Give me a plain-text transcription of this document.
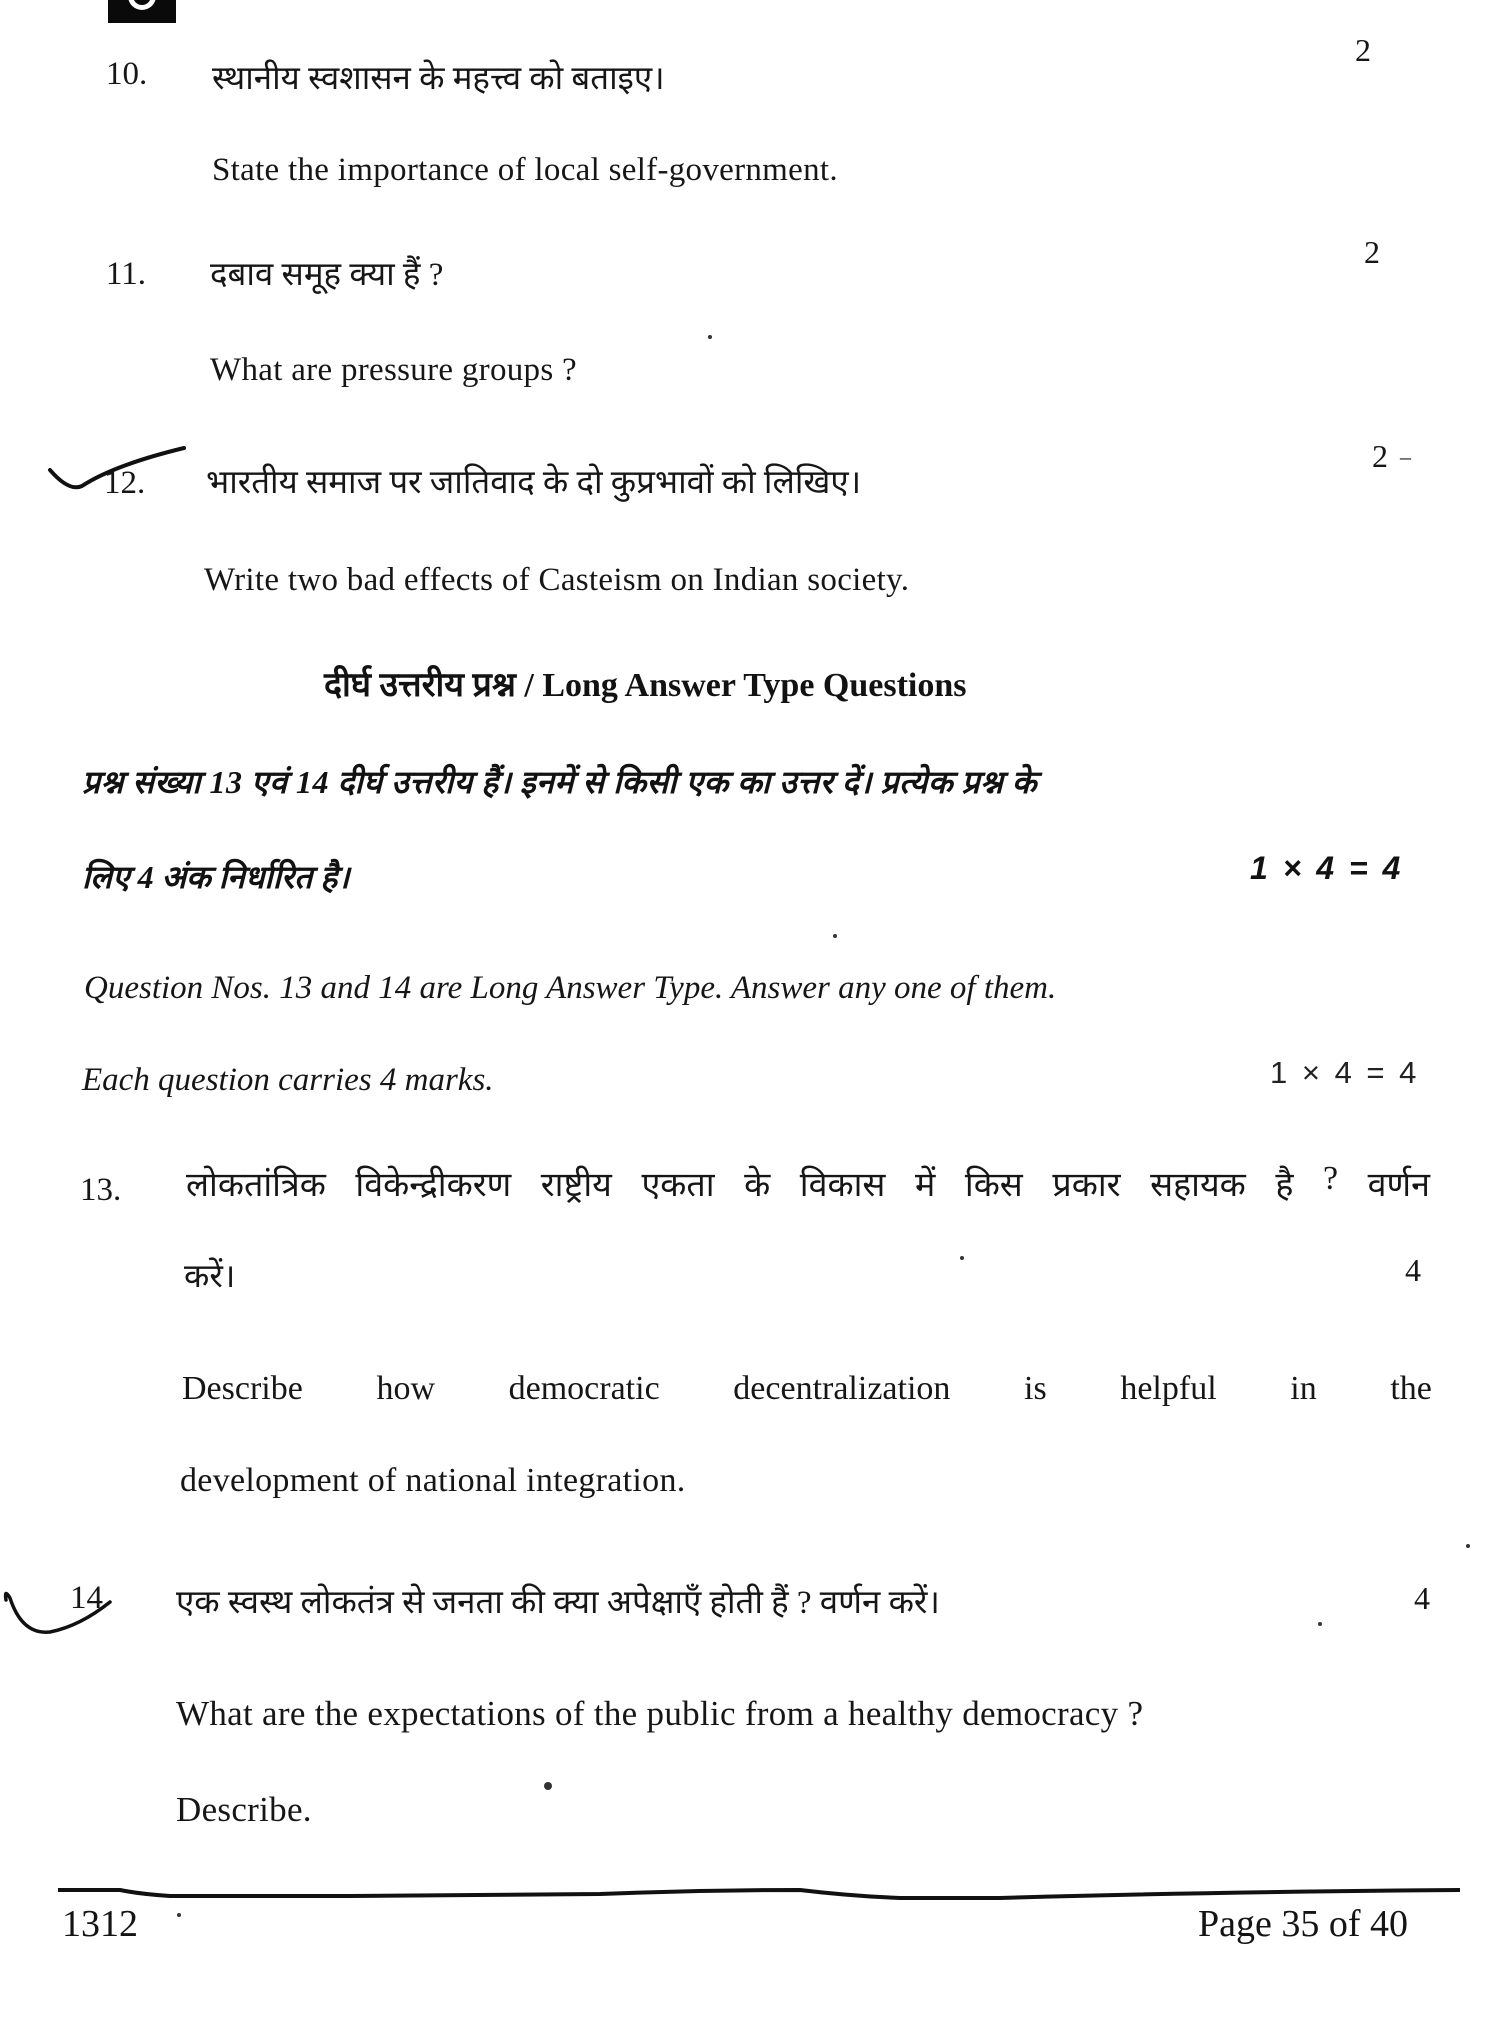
10. स्थानीय स्वशासन के महत्त्व को बताइए।
2
State the importance of local self-government.
11. दबाव समूह क्या हैं ?
2
What are pressure groups ?
12. भारतीय समाज पर जातिवाद के दो कुप्रभावों को लिखिए।
2 –
Write two bad effects of Casteism on Indian society.
दीर्घ उत्तरीय प्रश्न / Long Answer Type Questions
प्रश्न संख्या 13 एवं 14 दीर्घ उत्तरीय हैं। इनमें से किसी एक का उत्तर दें। प्रत्येक प्रश्न के
लिए 4 अंक निर्धारित है।	1 × 4 = 4
Question Nos. 13 and 14 are Long Answer Type. Answer any one of them.
Each question carries 4 marks.	1 × 4 = 4
13. लोकतांत्रिक विकेन्द्रीकरण राष्ट्रीय एकता के विकास में किस प्रकार सहायक है ? वर्णन
करें।	4
Describe how democratic decentralization is helpful in the
development of national integration.
14 एक स्वस्थ लोकतंत्र से जनता की क्या अपेक्षाएँ होती हैं ? वर्णन करें।	4
What are the expectations of the public from a healthy democracy ?
Describe.
1312	Page 35 of 40
